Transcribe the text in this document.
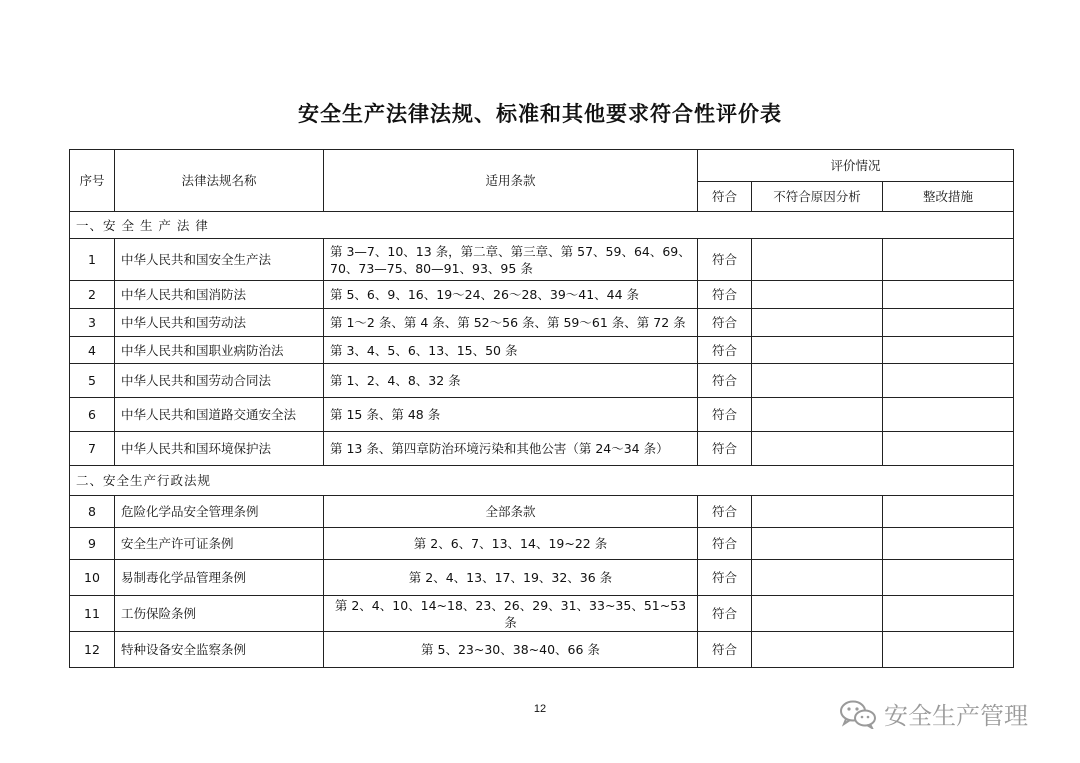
安全生产法律法规、标准和其他要求符合性评价表
序号	法律法规名称	适用条款	评价情况		
			符合	不符合原因分析	整改措施
一、安 全 生 产 法 律					
1	中华人民共和国安全生产法	第 3—7、10、13 条，第二章、第三章、第 57、59、64、69、70、73—75、80—91、93、95 条	符合		
2	中华人民共和国消防法	第 5、6、9、16、19～24、26～28、39～41、44 条	符合		
3	中华人民共和国劳动法	第 1～2 条、第 4 条、第 52～56 条、第 59～61 条、第 72 条	符合		
4	中华人民共和国职业病防治法	第 3、4、5、6、13、15、50 条	符合		
5	中华人民共和国劳动合同法	第 1、2、4、8、32 条	符合		
6	中华人民共和国道路交通安全法	第 15 条、第 48 条	符合		
7	中华人民共和国环境保护法	第 13 条、第四章防治环境污染和其他公害（第 24～34 条）	符合		
二、安全生产行政法规					
8	危险化学品安全管理条例	全部条款	符合		
9	安全生产许可证条例	第 2、6、7、13、14、19~22 条	符合		
10	易制毒化学品管理条例	第 2、4、13、17、19、32、36 条	符合		
11	工伤保险条例	第 2、4、10、14~18、23、26、29、31、33~35、51~53 条	符合		
12	特种设备安全监察条例	第 5、23~30、38~40、66 条	符合		
12	安全生产管理
